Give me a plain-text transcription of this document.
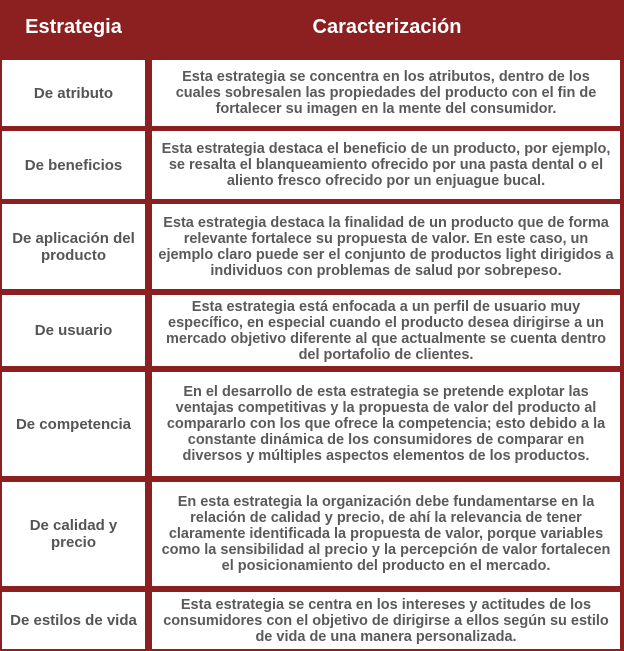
Estrategia	Caracterización
De atributo
Esta estrategia se concentra en los atributos, dentro de los cuales sobresalen las propiedades del producto con el fin de fortalecer su imagen en la mente del consumidor.
De beneficios
Esta estrategia destaca el beneficio de un producto, por ejemplo, se resalta el blanqueamiento ofrecido por una pasta dental o el aliento fresco ofrecido por un enjuague bucal.
De aplicación del producto
Esta estrategia destaca la finalidad de un producto que de forma relevante fortalece su propuesta de valor. En este caso, un ejemplo claro puede ser el conjunto de productos light dirigidos a individuos con problemas de salud por sobrepeso.
De usuario
Esta estrategia está enfocada a un perfil de usuario muy específico, en especial cuando el producto desea dirigirse a un mercado objetivo diferente al que actualmente se cuenta dentro del portafolio de clientes.
De competencia
En el desarrollo de esta estrategia se pretende explotar las ventajas competitivas y la propuesta de valor del producto al compararlo con los que ofrece la competencia; esto debido a la constante dinámica de los consumidores de comparar en diversos y múltiples aspectos elementos de los productos.
De calidad y precio
En esta estrategia la organización debe fundamentarse en la relación de calidad y precio, de ahí la relevancia de tener claramente identificada la propuesta de valor, porque variables como la sensibilidad al precio y la percepción de valor fortalecen el posicionamiento del producto en el mercado.
De estilos de vida
Esta estrategia se centra en los intereses y actitudes de los consumidores con el objetivo de dirigirse a ellos según su estilo de vida de una manera personalizada.
